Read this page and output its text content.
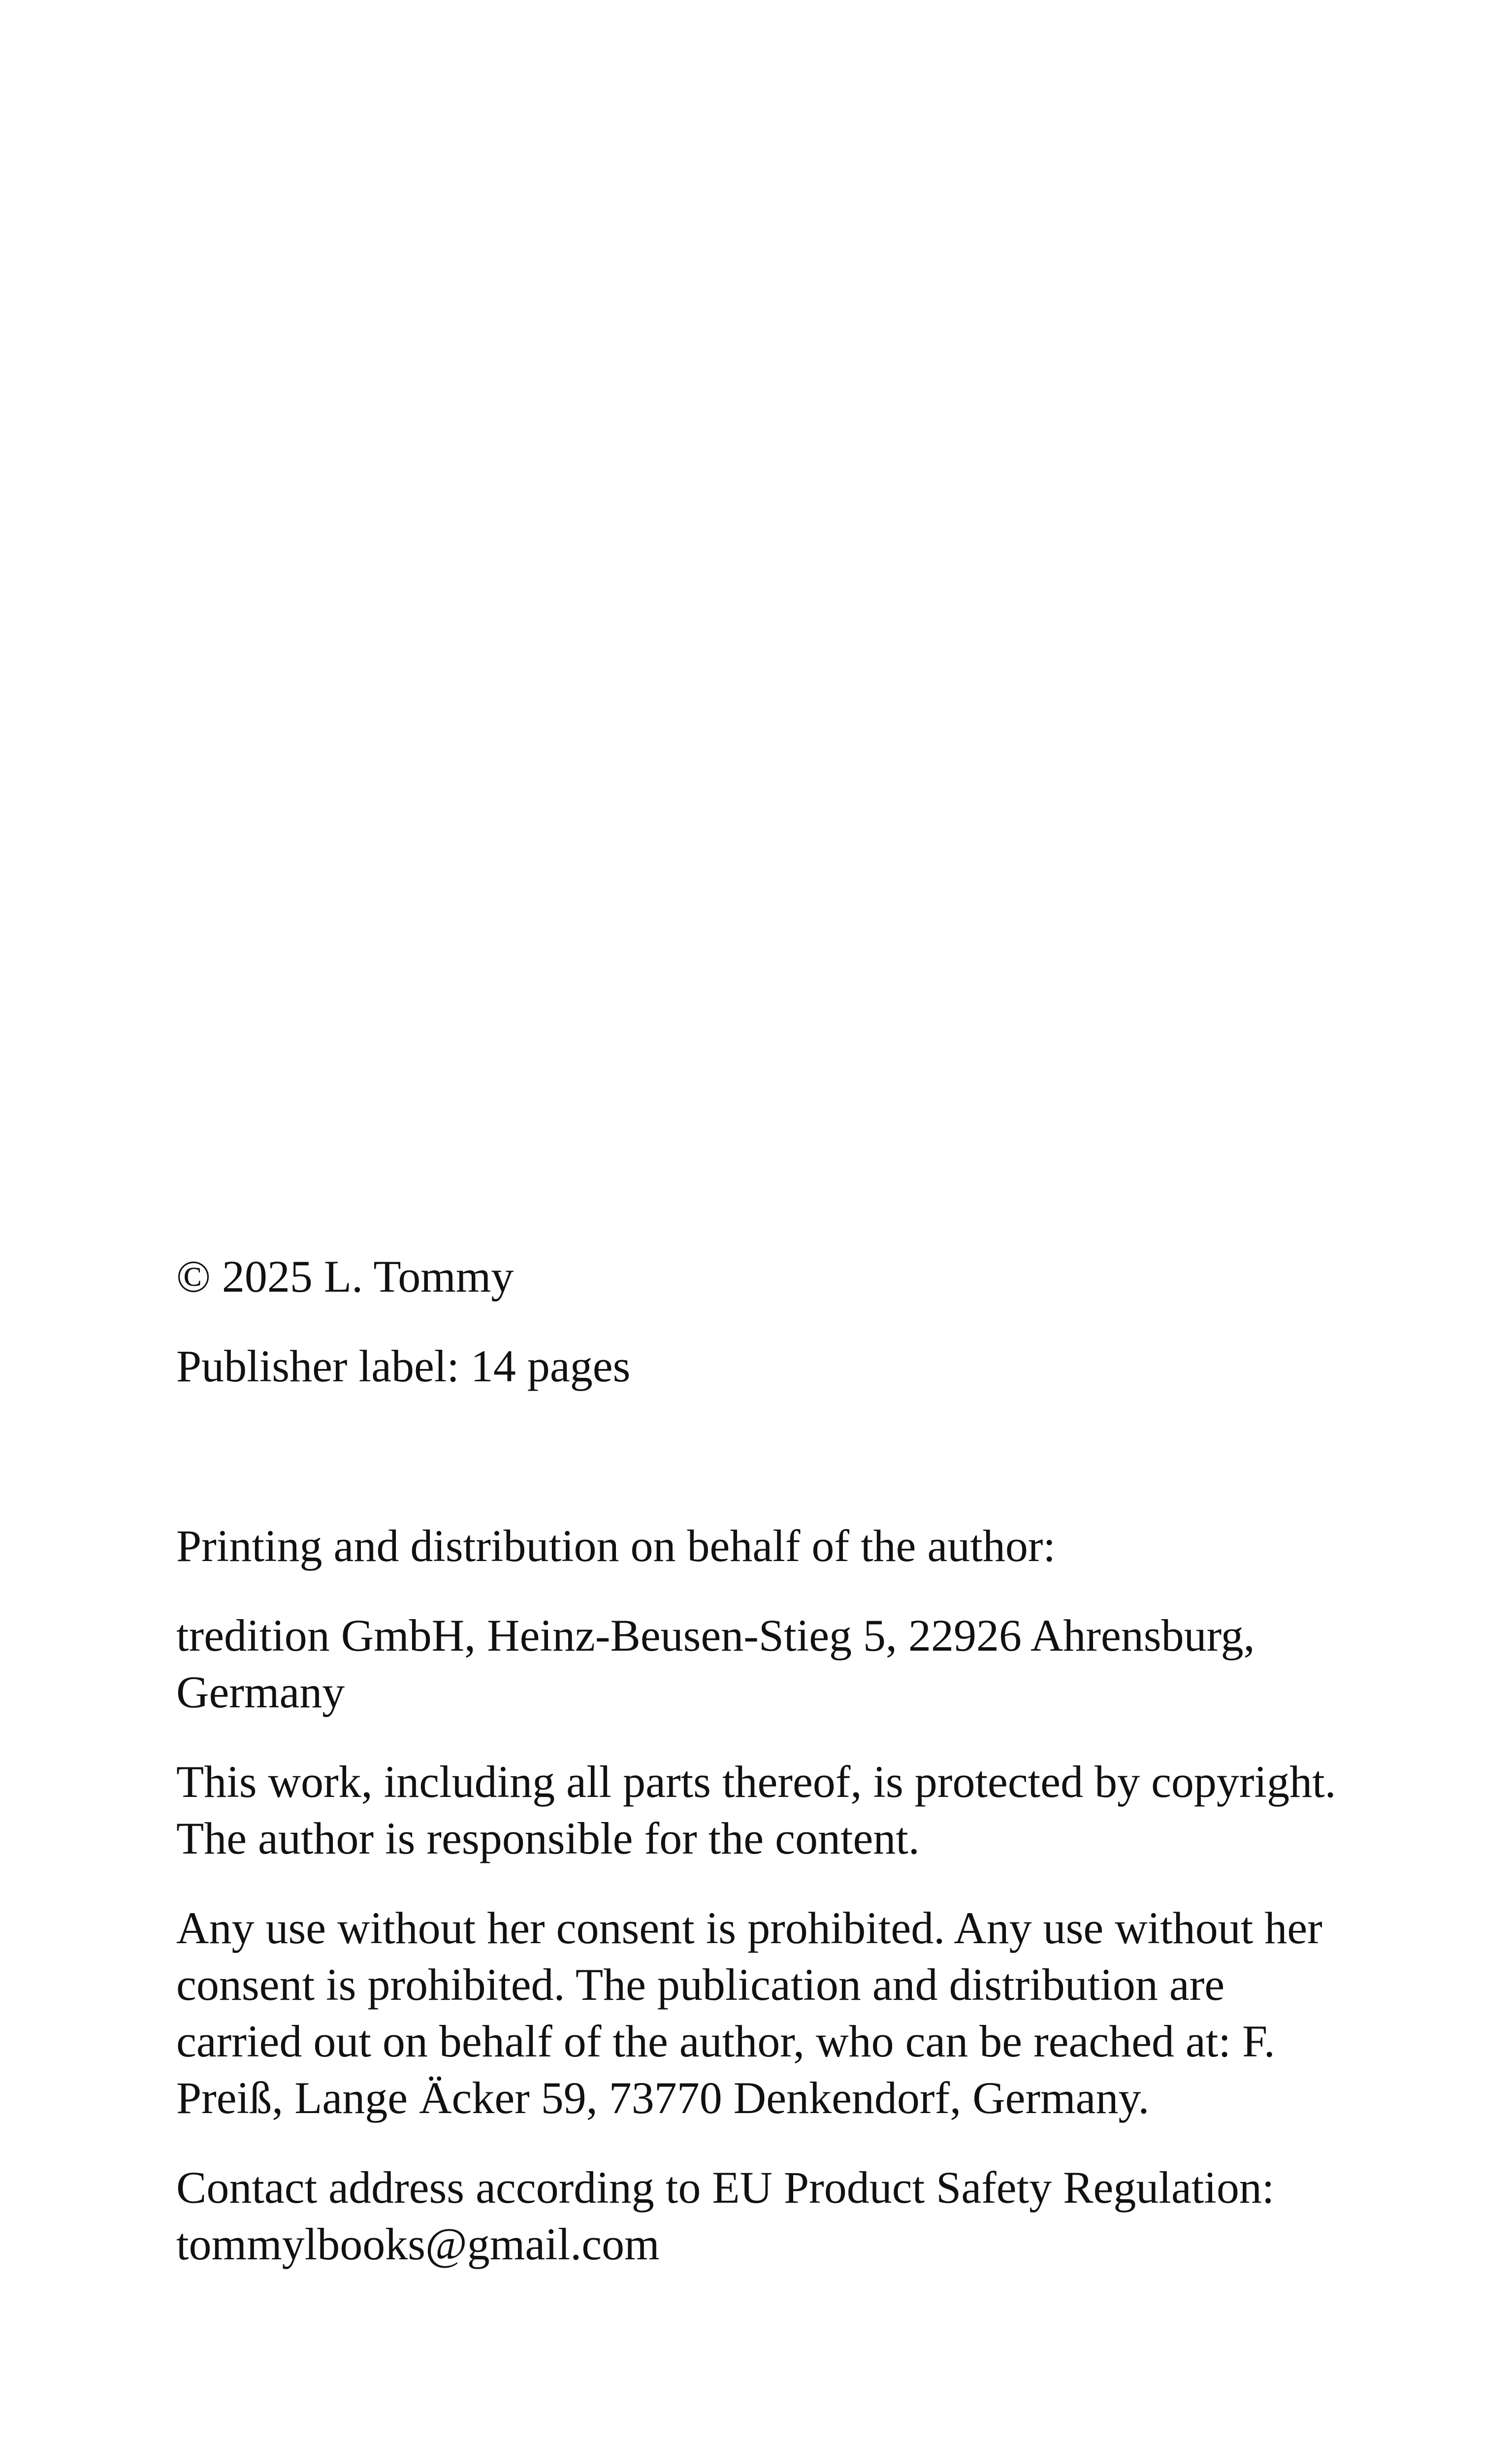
© 2025 L. Tommy

Publisher label: 14 pages

Printing and distribution on behalf of the author:

tredition GmbH, Heinz-Beusen-Stieg 5, 22926 Ahrensburg,
Germany

This work, including all parts thereof, is protected by copyright.
The author is responsible for the content.

Any use without her consent is prohibited. Any use without her
consent is prohibited. The publication and distribution are
carried out on behalf of the author, who can be reached at: F.
Preiß, Lange Äcker 59, 73770 Denkendorf, Germany.

Contact address according to EU Product Safety Regulation:
tommylbooks@gmail.com
